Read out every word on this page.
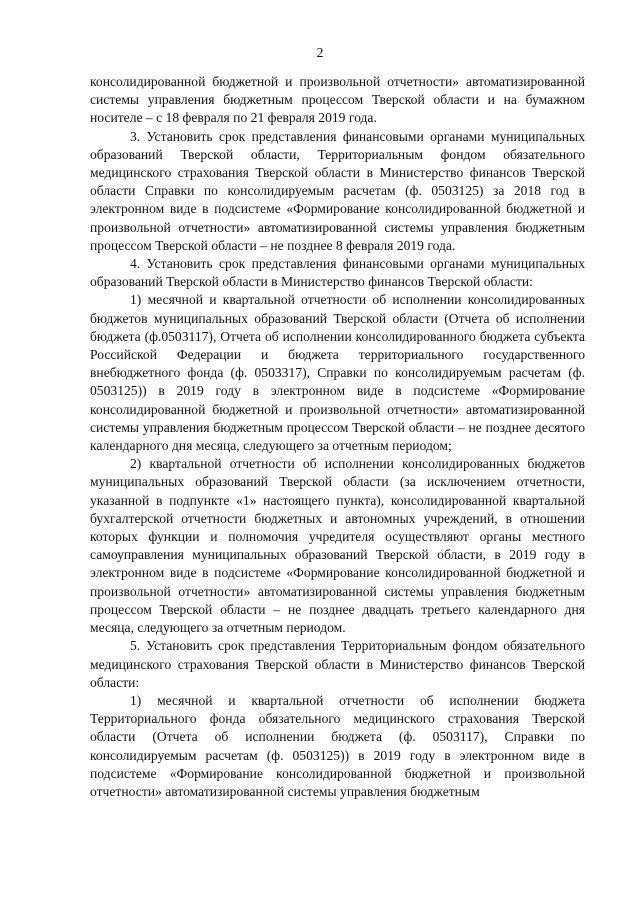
2

консолидированной бюджетной и произвольной отчетности» автоматизированной системы управления бюджетным процессом Тверской области и на бумажном носителе – с 18 февраля по 21 февраля 2019 года.

3. Установить срок представления финансовыми органами муниципальных образований Тверской области, Территориальным фондом обязательного медицинского страхования Тверской области в Министерство финансов Тверской области Справки по консолидируемым расчетам (ф. 0503125) за 2018 год в электронном виде в подсистеме «Формирование консолидированной бюджетной и произвольной отчетности» автоматизированной системы управления бюджетным процессом Тверской области – не позднее 8 февраля 2019 года.

4. Установить срок представления финансовыми органами муниципальных образований Тверской области в Министерство финансов Тверской области:

1) месячной и квартальной отчетности об исполнении консолидированных бюджетов муниципальных образований Тверской области (Отчета об исполнении бюджета (ф.0503117), Отчета об исполнении консолидированного бюджета субъекта Российской Федерации и бюджета территориального государственного внебюджетного фонда (ф. 0503317), Справки по консолидируемым расчетам (ф. 0503125)) в 2019 году в электронном виде в подсистеме «Формирование консолидированной бюджетной и произвольной отчетности» автоматизированной системы управления бюджетным процессом Тверской области – не позднее десятого календарного дня месяца, следующего за отчетным периодом;

2) квартальной отчетности об исполнении консолидированных бюджетов муниципальных образований Тверской области (за исключением отчетности, указанной в подпункте «1» настоящего пункта), консолидированной квартальной бухгалтерской отчетности бюджетных и автономных учреждений, в отношении которых функции и полномочия учредителя осуществляют органы местного самоуправления муниципальных образований Тверской области, в 2019 году в электронном виде в подсистеме «Формирование консолидированной бюджетной и произвольной отчетности» автоматизированной системы управления бюджетным процессом Тверской области – не позднее двадцать третьего календарного дня месяца, следующего за отчетным периодом.

5. Установить срок представления Территориальным фондом обязательного медицинского страхования Тверской области в Министерство финансов Тверской области:

1) месячной и квартальной отчетности об исполнении бюджета Территориального фонда обязательного медицинского страхования Тверской области (Отчета об исполнении бюджета (ф. 0503117), Справки по консолидируемым расчетам (ф. 0503125)) в 2019 году в электронном виде в подсистеме «Формирование консолидированной бюджетной и произвольной отчетности» автоматизированной системы управления бюджетным
